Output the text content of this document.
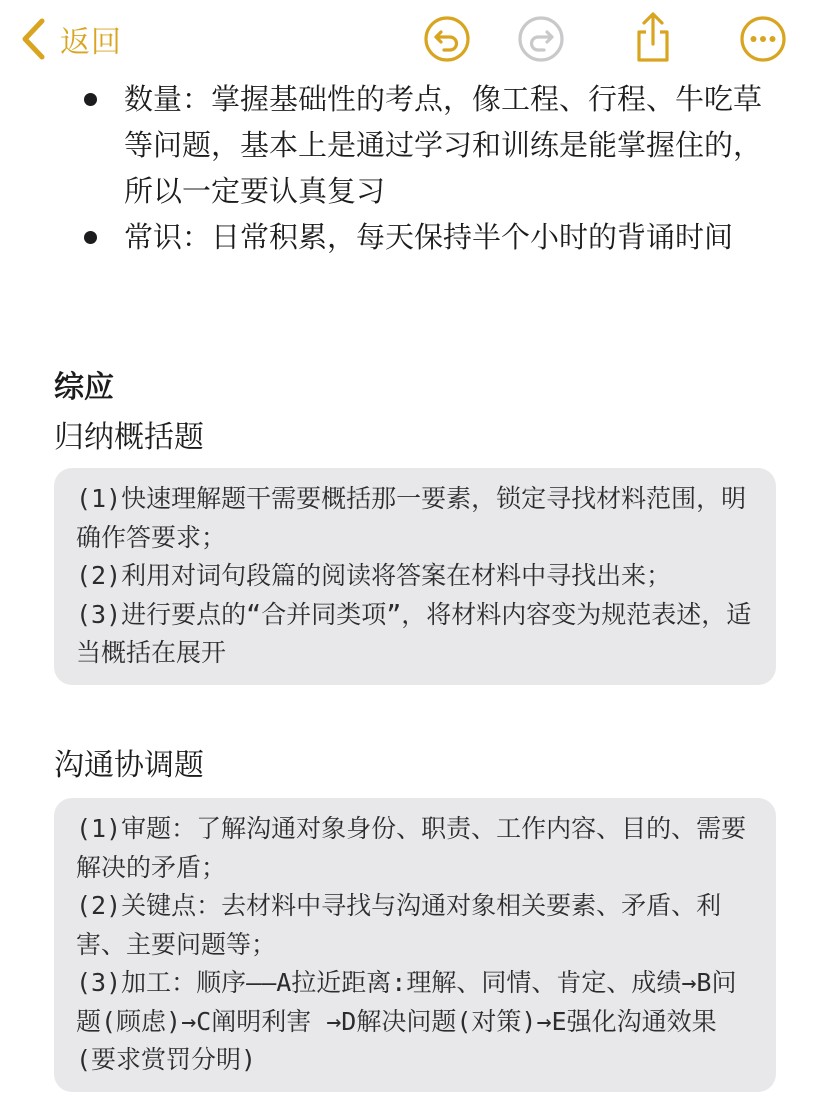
返回
数量：掌握基础性的考点，像工程、行程、牛吃草等问题，基本上是通过学习和训练是能掌握住的，所以一定要认真复习
常识：日常积累，每天保持半个小时的背诵时间
综应
归纳概括题
(1)快速理解题干需要概括那一要素，锁定寻找材料范围，明确作答要求；
(2)利用对词句段篇的阅读将答案在材料中寻找出来；
(3)进行要点的“合并同类项”，将材料内容变为规范表述，适当概括在展开
沟通协调题
(1)审题：了解沟通对象身份、职责、工作内容、目的、需要解决的矛盾；
(2)关键点：去材料中寻找与沟通对象相关要素、矛盾、利害、主要问题等；
(3)加工：顺序——A拉近距离:理解、同情、肯定、成绩→B问题(顾虑)→C阐明利害 →D解决问题(对策)→E强化沟通效果(要求赏罚分明)
